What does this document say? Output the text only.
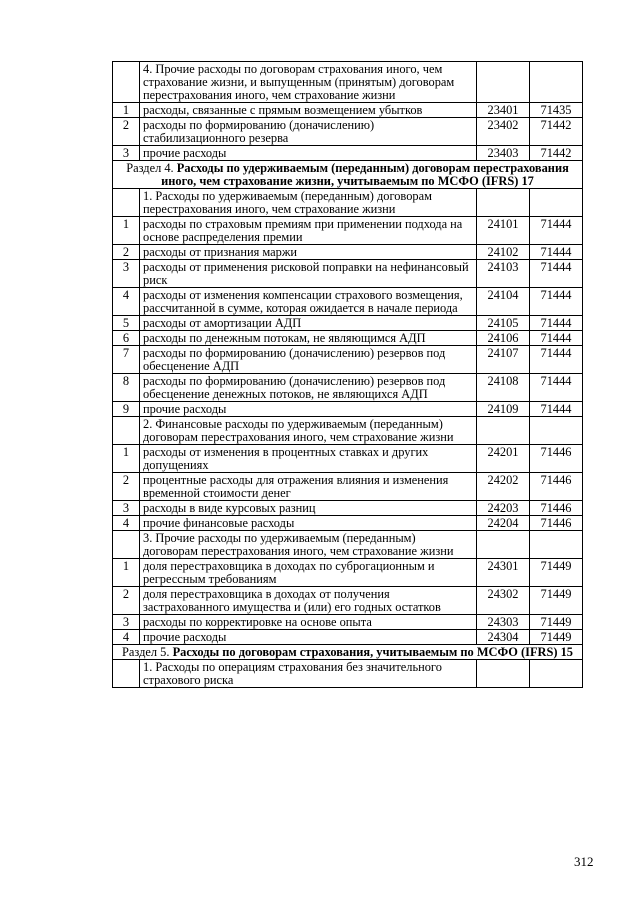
	4. Прочие расходы по договорам страхования иного, чем страхование жизни, и выпущенным (принятым) договорам перестрахования иного, чем страхование жизни		
1	расходы, связанные с прямым возмещением убытков	23401	71435
2	расходы по формированию (доначислению) стабилизационного резерва	23402	71442
3	прочие расходы	23403	71442
Раздел 4. Расходы по удерживаемым (переданным) договорам перестрахования иного, чем страхование жизни, учитываемым по МСФО (IFRS) 17			
	1. Расходы по удерживаемым (переданным) договорам перестрахования иного, чем страхование жизни		
1	расходы по страховым премиям при применении подхода на основе распределения премии	24101	71444
2	расходы от признания маржи	24102	71444
3	расходы от применения рисковой поправки на нефинансовый риск	24103	71444
4	расходы от изменения компенсации страхового возмещения, рассчитанной в сумме, которая ожидается в начале периода	24104	71444
5	расходы от амортизации АДП	24105	71444
6	расходы по денежным потокам, не являющимся АДП	24106	71444
7	расходы по формированию (доначислению) резервов под обесценение АДП	24107	71444
8	расходы по формированию (доначислению) резервов под обесценение денежных потоков, не являющихся АДП	24108	71444
9	прочие расходы	24109	71444
	2. Финансовые расходы по удерживаемым (переданным) договорам перестрахования иного, чем страхование жизни		
1	расходы от изменения в процентных ставках и других допущениях	24201	71446
2	процентные расходы для отражения влияния и изменения временной стоимости денег	24202	71446
3	расходы в виде курсовых разниц	24203	71446
4	прочие финансовые расходы	24204	71446
	3. Прочие расходы по удерживаемым (переданным) договорам перестрахования иного, чем страхование жизни		
1	доля перестраховщика в доходах по суброгационным и регрессным требованиям	24301	71449
2	доля перестраховщика в доходах от получения застрахованного имущества и (или) его годных остатков	24302	71449
3	расходы по корректировке на основе опыта	24303	71449
4	прочие расходы	24304	71449
Раздел 5. Расходы по договорам страхования, учитываемым по МСФО (IFRS) 15			
	1. Расходы по операциям страхования без значительного страхового риска		
312
